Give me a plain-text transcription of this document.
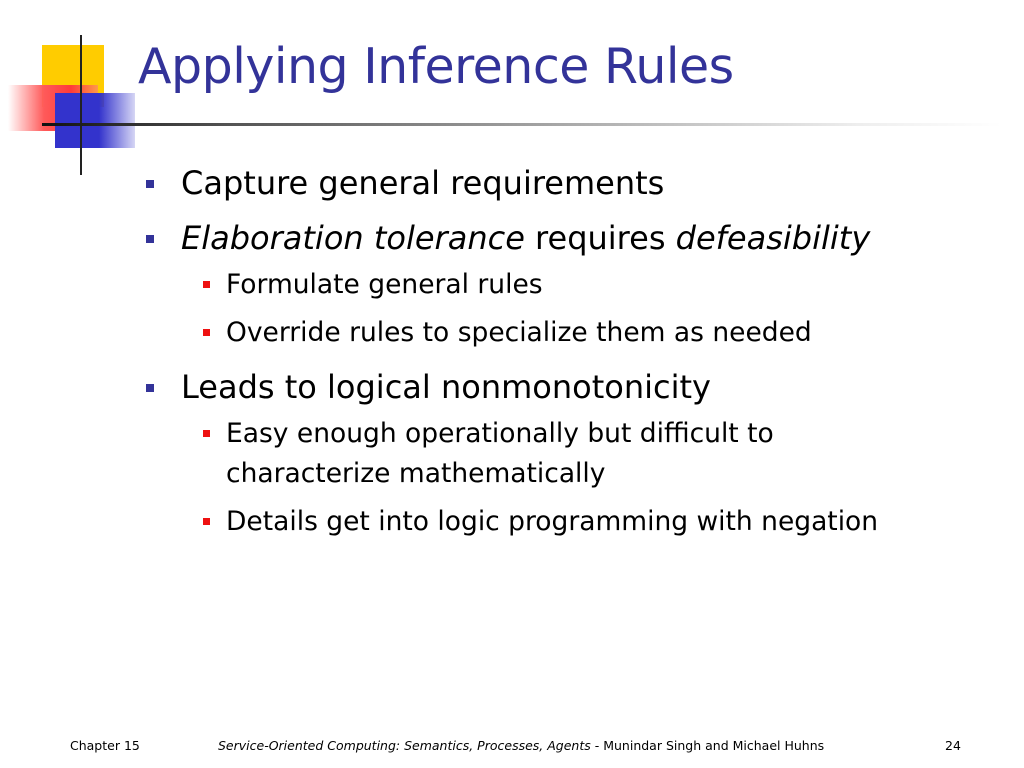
Applying Inference Rules
Capture general requirements
Elaboration tolerance requires defeasibility
Formulate general rules
Override rules to specialize them as needed
Leads to logical nonmonotonicity
Easy enough operationally but difficult to characterize mathematically
Details get into logic programming with negation
Chapter 15	Service-Oriented Computing: Semantics, Processes, Agents - Munindar Singh and Michael Huhns	24
